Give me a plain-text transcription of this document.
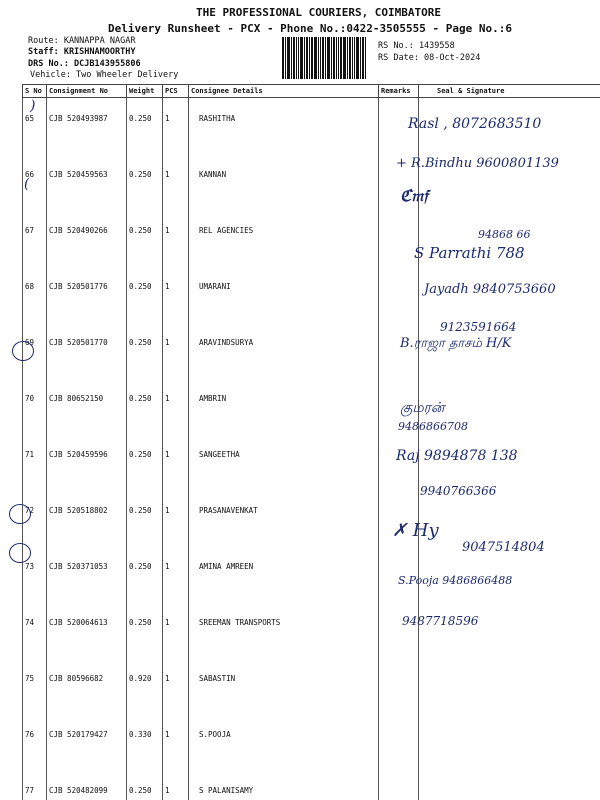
THE PROFESSIONAL COURIERS, COIMBATORE
Delivery Runsheet - PCX - Phone No.:0422-3505555 - Page No.:6
Route: KANNAPPA NAGAR
Staff: KRISHNAMOORTHY
DRS No.: DCJB143955806
Vehicle: Two Wheeler Delivery
RS No.: 1439558
RS Date: 08-Oct-2024
S No	Consignment No	Weight	PCS	Consignee Details	Remarks	Seal & Signature
65	CJB 520493987	0.250	1	RASHITHA		
66	CJB 520459563	0.250	1	KANNAN		
67	CJB 520490266	0.250	1	REL AGENCIES		
68	CJB 520501776	0.250	1	UMARANI		
69	CJB 520501770	0.250	1	ARAVINDSURYA		
70	CJB 80652150	0.250	1	AMBRIN		
71	CJB 520459596	0.250	1	SANGEETHA		
72	CJB 520518802	0.250	1	PRASANAVENKAT		
73	CJB 520371053	0.250	1	AMINA AMREEN		
74	CJB 520064613	0.250	1	SREEMAN TRANSPORTS		
75	CJB 80596682	0.920	1	SABASTIN		
76	CJB 520179427	0.330	1	S.POOJA		
77	CJB 520482099	0.250	1	S PALANISAMY		
Rasl , 8072683510
+ R.Bindhu 9600801139
ℭ𝔪𝔣
94868 66
S Parrathi 788
Jayadh 9840753660
9123591664
B.ராஜா தாசம் H/K
குமரன்
9486866708
Raj 9894878 138
9940766366
✗ Hy
9047514804
S.Pooja 9486866488
9487718596
)
(
